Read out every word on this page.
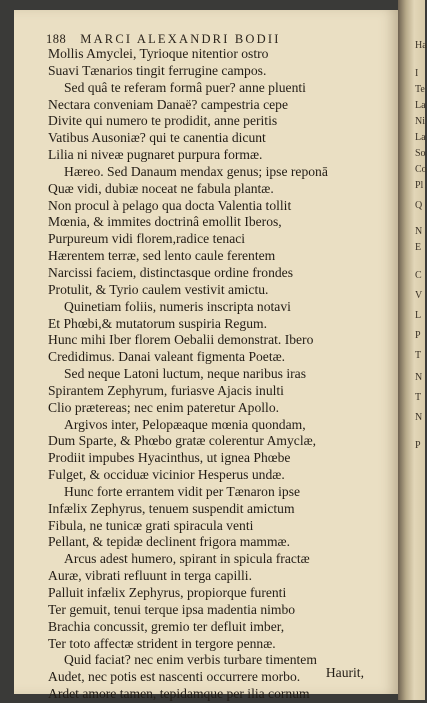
188 MARCI ALEXANDRI BODII
Mollis Amyclei, Tyrioque nitentior ostro
Suavi Tænarios tingit ferrugine campos.
Sed quâ te referam formâ puer? anne pluenti
Nectara conveniam Danaë? campestria cepe
Divite qui numero te prodidit, anne peritis
Vatibus Ausoniæ? qui te canentia dicunt
Lilia ni niveæ pugnaret purpura formæ.
Hæreo. Sed Danaum mendax genus; ipse reponā
Quæ vidi, dubiæ noceat ne fabula plantæ.
Non procul à pelago qua docta Valentia tollit
Mœnia, & immites doctrinâ emollit Iberos,
Purpureum vidi florem,radice tenaci
Hærentem terræ, sed lento caule ferentem
Narcissi faciem, distinctasque ordine frondes
Protulit, & Tyrio caulem vestivit amictu.
Quinetiam foliis, numeris inscripta notavi
Et Phœbi,& mutatorum suspiria Regum.
Hunc mihi Iber florem Oebalii demonstrat. Ibero
Credidimus. Danai valeant figmenta Poetæ.
Sed neque Latoni luctum, neque naribus iras
Spirantem Zephyrum, furiasve Ajacis inulti
Clio prætereas; nec enim pateretur Apollo.
Argivos inter, Pelopæaque mœnia quondam,
Dum Sparte, & Phœbo gratæ colerentur Amyclæ,
Prodiit impubes Hyacinthus, ut ignea Phœbe
Fulget, & occiduæ vicinior Hesperus undæ.
Hunc forte errantem vidit per Tænaron ipse
Infælix Zephyrus, tenuem suspendit amictum
Fibula, ne tunicæ grati spiracula venti
Pellant, & tepidæ declinent frigora mammæ.
Arcus adest humero, spirant in spicula fractæ
Auræ, vibrati refluunt in terga capilli.
Palluit infælix Zephyrus, propiorque furenti
Ter gemuit, tenui terque ipsa madentia nimbo
Brachia concussit, gremio ter defluit imber,
Ter toto affectæ strident in tergore pennæ.
Quid faciat? nec enim verbis turbare timentem
Audet, nec potis est nascenti occurrere morbo.
Ardet amore tamen, tepidamque per ilia cornum
Haurit,
Ha
I
Te
La
Ni
La
So
Co
Pl
Q
N
E
C
V
L
P
T
N
T
N
P
